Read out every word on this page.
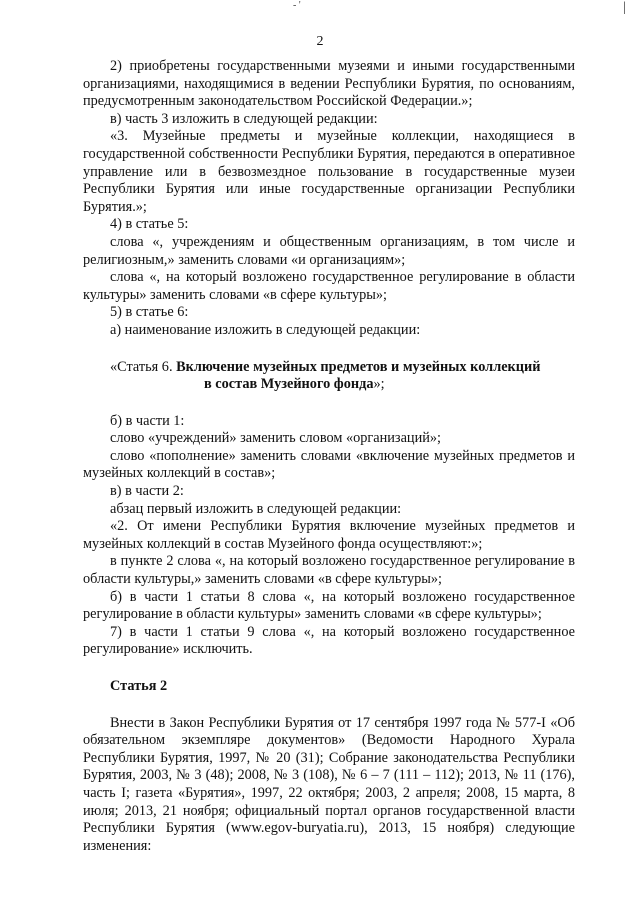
- '	|
2

2) приобретены государственными музеями и иными государственными организациями, находящимися в ведении Республики Бурятия, по основаниям, предусмотренным законодательством Российской Федерации.»;

в) часть 3 изложить в следующей редакции:

«3. Музейные предметы и музейные коллекции, находящиеся в государственной собственности Республики Бурятия, передаются в оперативное управление или в безвозмездное пользование в государственные музеи Республики Бурятия или иные государственные организации Республики Бурятия.»;

4) в статье 5:

слова «, учреждениям и общественным организациям, в том числе и религиозным,» заменить словами «и организациям»;

слова «, на который возложено государственное регулирование в области культуры» заменить словами «в сфере культуры»;

5) в статье 6:

а) наименование изложить в следующей редакции:

«Статья 6. Включение музейных предметов и музейных коллекций
в состав Музейного фонда»;

б) в части 1:

слово «учреждений» заменить словом «организаций»;

слово «пополнение» заменить словами «включение музейных предметов и музейных коллекций в состав»;

в) в части 2:

абзац первый изложить в следующей редакции:

«2. От имени Республики Бурятия включение музейных предметов и музейных коллекций в состав Музейного фонда осуществляют:»;

в пункте 2 слова «, на который возложено государственное регулирование в области культуры,» заменить словами «в сфере культуры»;

б) в части 1 статьи 8 слова «, на который возложено государственное регулирование в области культуры» заменить словами «в сфере культуры»;

7) в части 1 статьи 9 слова «, на который возложено государственное регулирование» исключить.

Статья 2

Внести в Закон Республики Бурятия от 17 сентября 1997 года № 577-I «Об обязательном экземпляре документов» (Ведомости Народного Хурала Республики Бурятия, 1997, № 20 (31); Собрание законодательства Республики Бурятия, 2003, № 3 (48); 2008, № 3 (108), № 6 – 7 (111 – 112); 2013, № 11 (176), часть I; газета «Бурятия», 1997, 22 октября; 2003, 2 апреля; 2008, 15 марта, 8 июля; 2013, 21 ноября; официальный портал органов государственной власти Республики Бурятия (www.egov-buryatia.ru), 2013, 15 ноября) следующие изменения:
